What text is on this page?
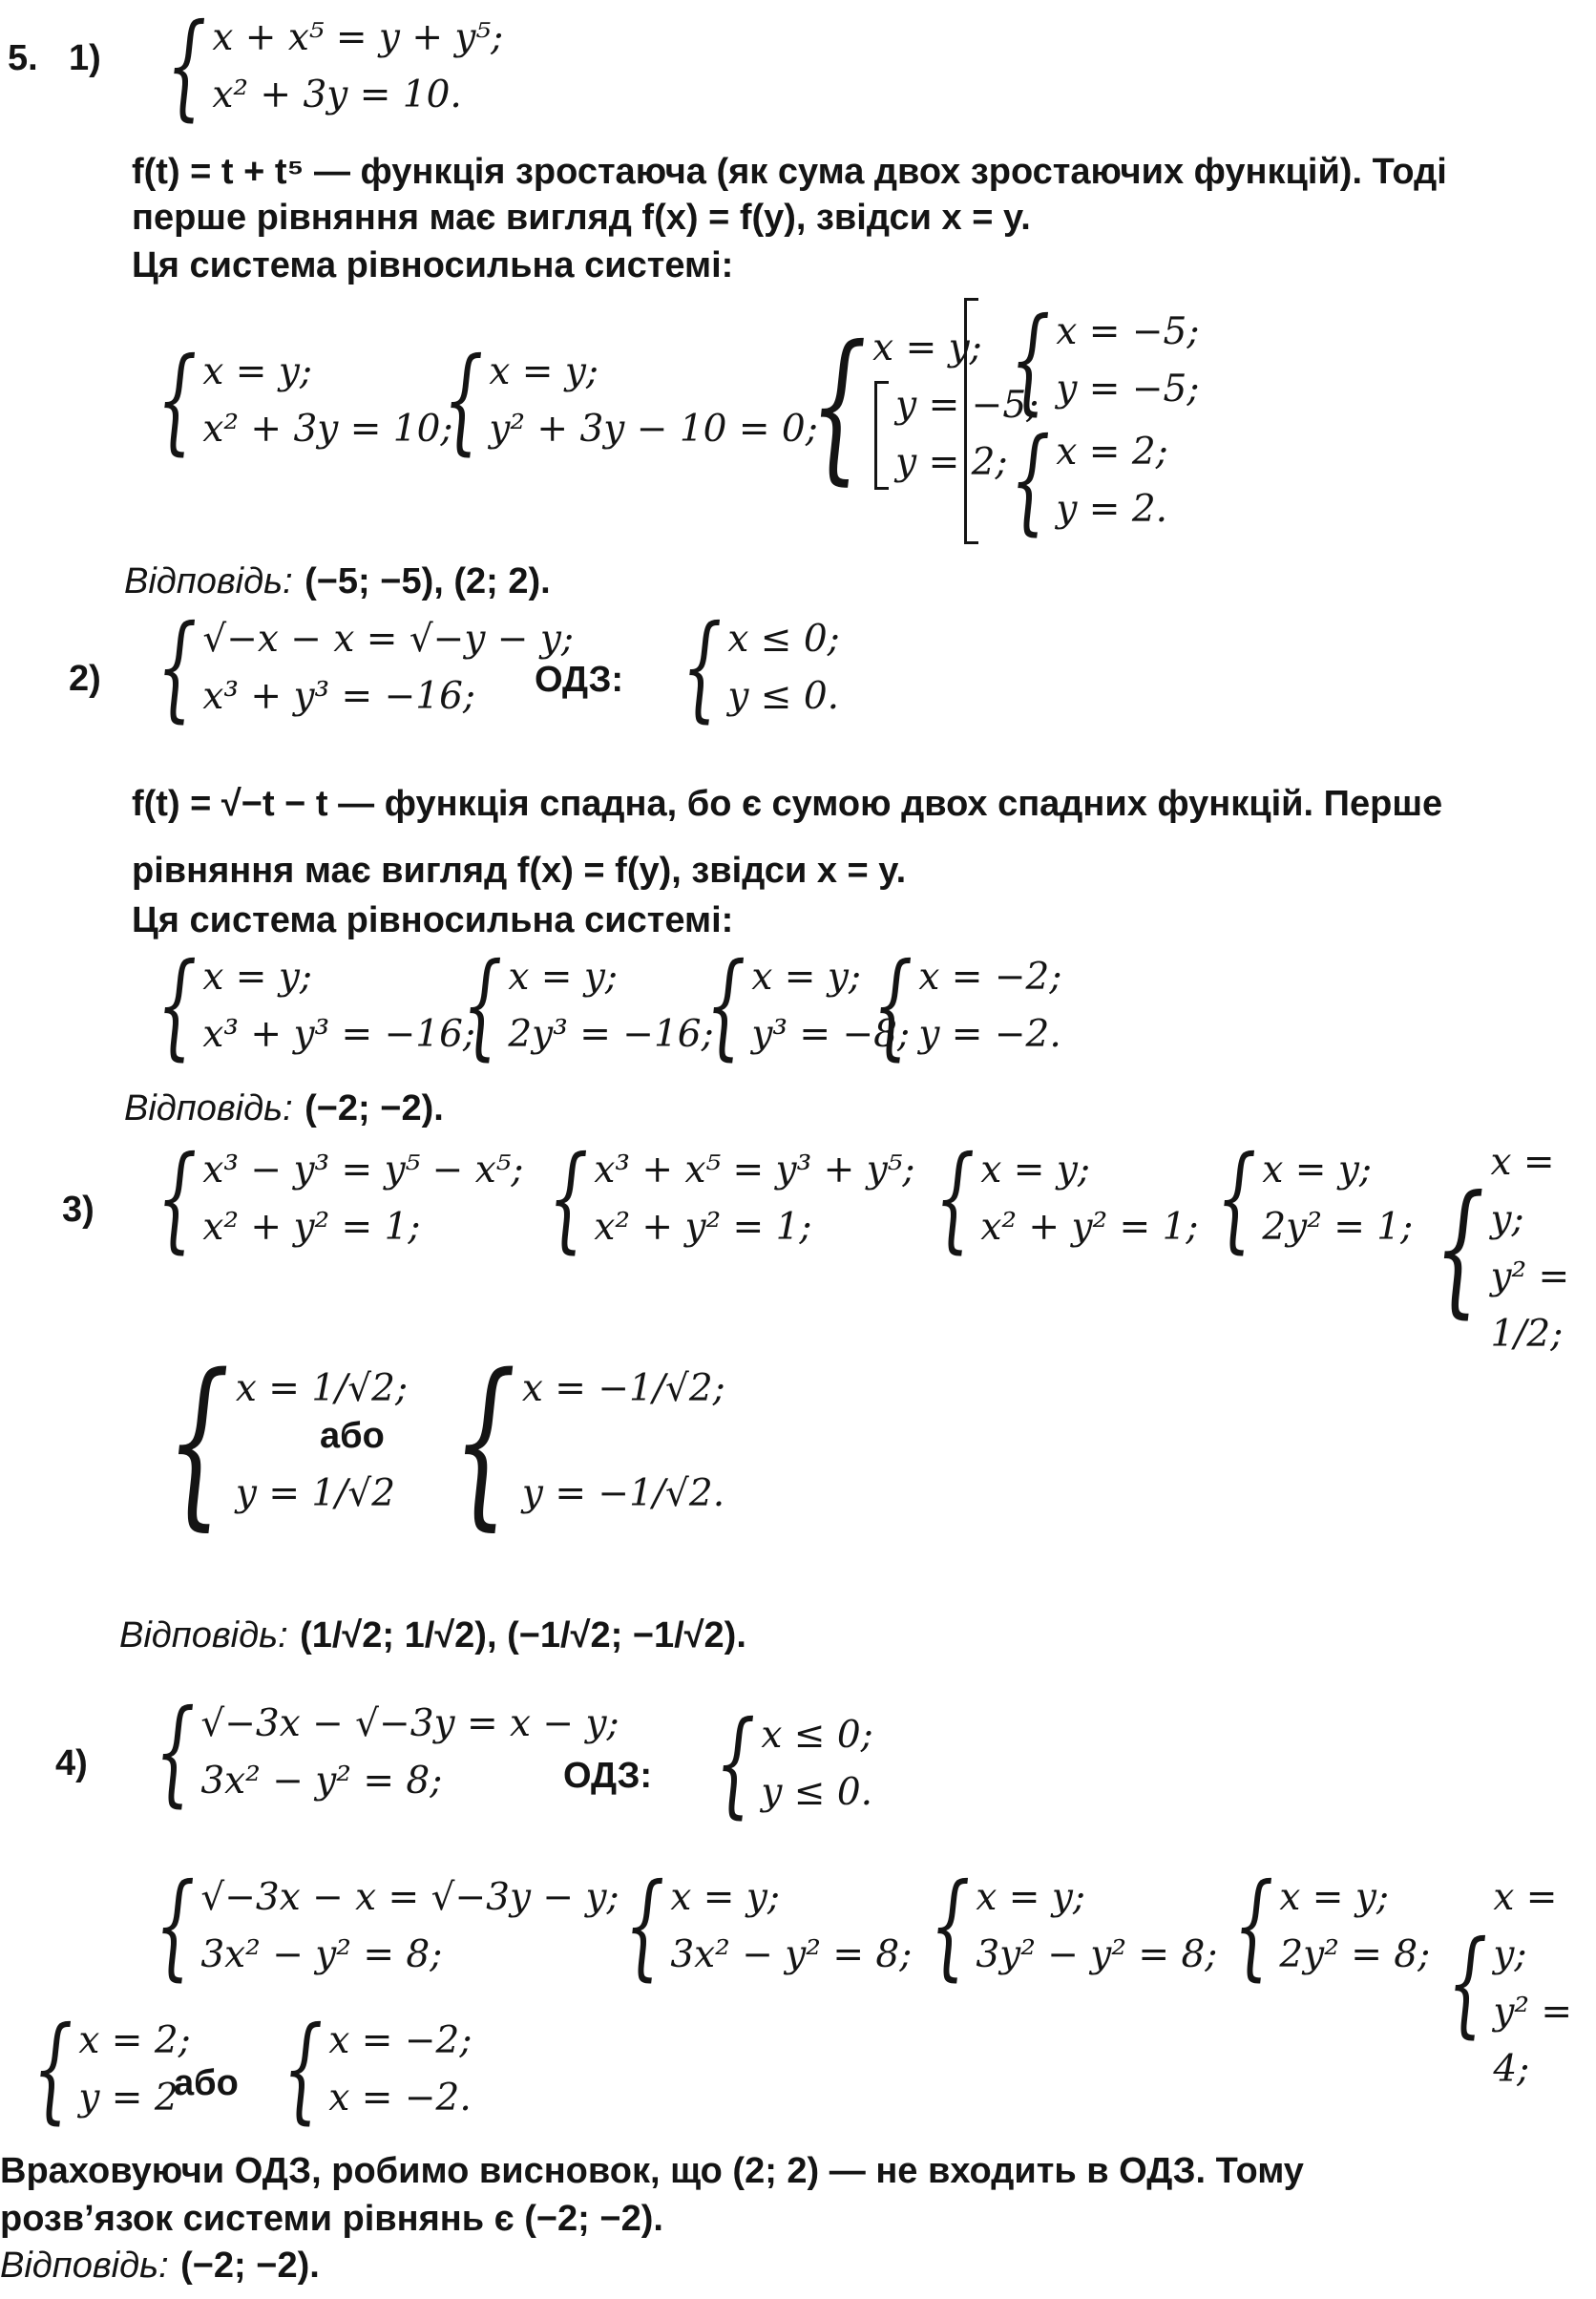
5. 1) { x + x⁵ = y + y⁵;
x² + 3y = 10.
f(t) = t + t⁵ — функція зростаюча (як сума двох зростаючих функцій). Тоді
перше рівняння має вигляд f(x) = f(y), звідси x = y.
Ця система рівносильна системі:
{ x = y;
x² + 3y = 10;
{ x = y;
y² + 3y − 10 = 0;
{ x = y;
y = −5;
y = 2;
{ x = −5;
y = −5;
{ x = 2;
y = 2.
Відповідь: (−5; −5), (2; 2).
2) { √−x − x = √−y − y;
x³ + y³ = −16;	ОДЗ: { x ≤ 0;
y ≤ 0.
f(t) = √−t − t — функція спадна, бо є сумою двох спадних функцій. Перше
рівняння має вигляд f(x) = f(y), звідси x = y.
Ця система рівносильна системі:
{ x = y;
x³ + y³ = −16;
{ x = y;
2y³ = −16;
{ x = y;
y³ = −8;
{ x = −2;
y = −2.
Відповідь: (−2; −2).
3) { x³ − y³ = y⁵ − x⁵;
x² + y² = 1;	{ x³ + x⁵ = y³ + y⁵;
x² + y² = 1;	{ x = y;
x² + y² = 1; { x = y;
2y² = 1; {
x = y;
y² = 1/2;
{ x = 1/√2;
y = 1/√2
або { x = −1/√2;
y = −1/√2.
Відповідь: (1/√2; 1/√2), (−1/√2; −1/√2).
4) { √−3x − √−3y = x − y;
3x² − y² = 8;	ОДЗ: { x ≤ 0;
y ≤ 0.
{ √−3x − x = √−3y − y;
3x² − y² = 8;	{ x = y;
3x² − y² = 8; { x = y;
3y² − y² = 8; { x = y;
2y² = 8; {
x = y;
y² = 4;
{ x = 2;
y = 2
або { x = −2;
x = −2.
Враховуючи ОДЗ, робимо висновок, що (2; 2) — не входить в ОДЗ. Тому
розв’язок системи рівнянь є (−2; −2).
Відповідь: (−2; −2).
